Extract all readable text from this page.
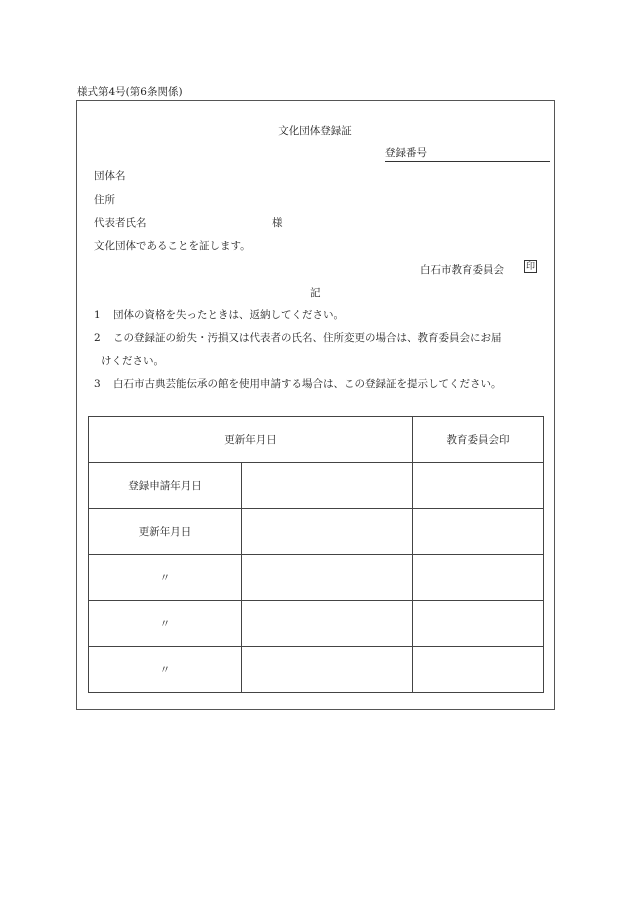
様式第4号(第6条関係)
文化団体登録証
登録番号
団体名
住所
代表者氏名	様
文化団体であることを証します。
白石市教育委員会 印
記
1 団体の資格を失ったときは、返納してください。
2 この登録証の紛失・汚損又は代表者の氏名、住所変更の場合は、教育委員会にお届
けください。
3 白石市古典芸能伝承の館を使用申請する場合は、この登録証を提示してください。
更新年月日		教育委員会印
登録申請年月日		
更新年月日		
〃		
〃		
〃		
